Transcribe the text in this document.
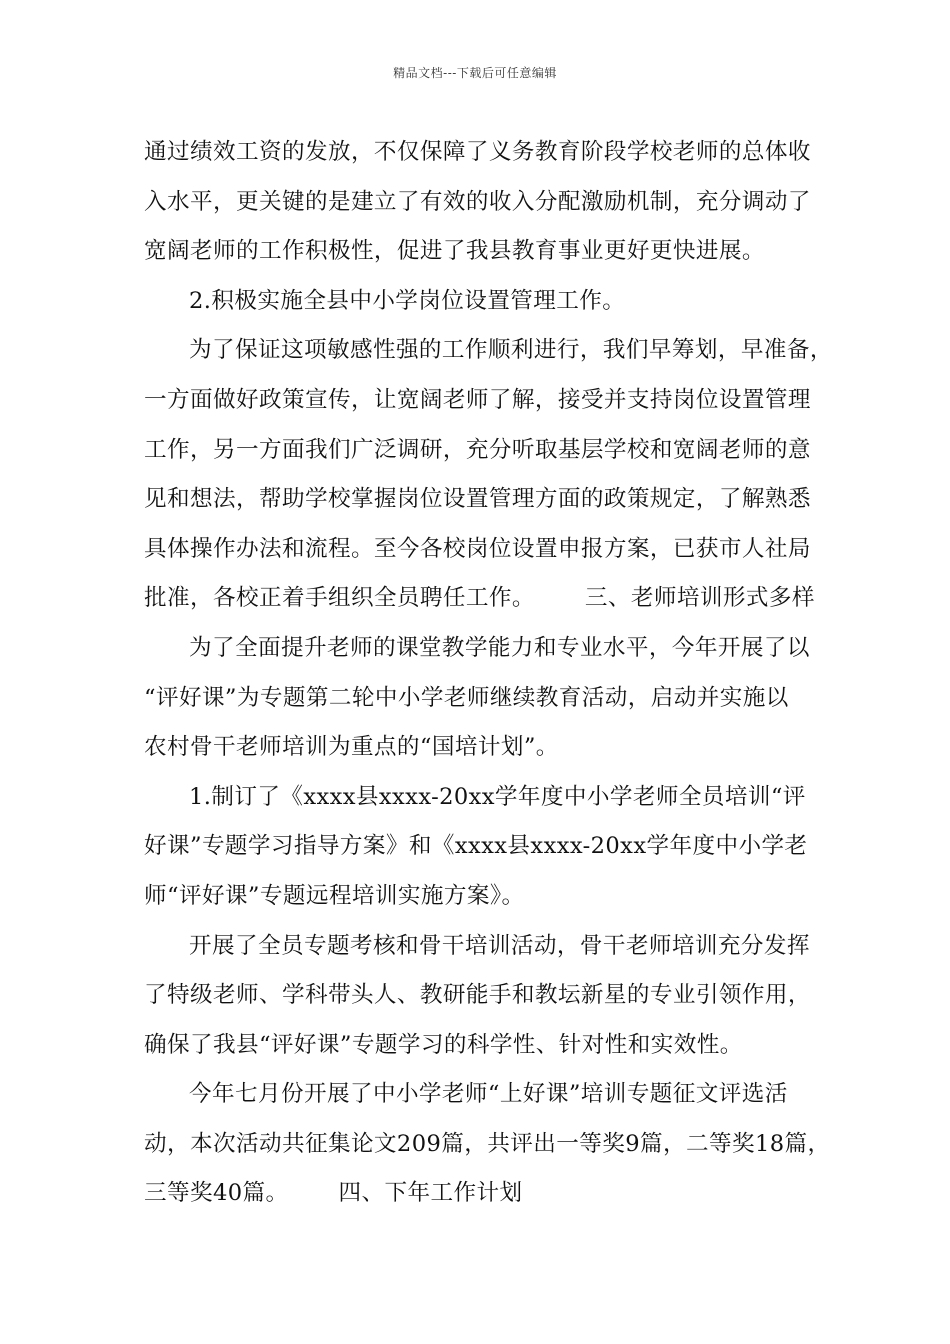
精品文档---下载后可任意编辑
通过绩效工资的发放，不仅保障了义务教育阶段学校老师的总体收
入水平，更关键的是建立了有效的收入分配激励机制，充分调动了
宽阔老师的工作积极性，促进了我县教育事业更好更快进展。
2.积极实施全县中小学岗位设置管理工作。
为了保证这项敏感性强的工作顺利进行，我们早筹划，早准备，
一方面做好政策宣传，让宽阔老师了解，接受并支持岗位设置管理
工作，另一方面我们广泛调研，充分听取基层学校和宽阔老师的意
见和想法，帮助学校掌握岗位设置管理方面的政策规定，了解熟悉
具体操作办法和流程。至今各校岗位设置申报方案，已获市人社局
批准，各校正着手组织全员聘任工作。 三、老师培训形式多样
为了全面提升老师的课堂教学能力和专业水平，今年开展了以
“评好课”为专题第二轮中小学老师继续教育活动，启动并实施以
农村骨干老师培训为重点的“国培计划”。
1.制订了《xxxx县xxxx-20xx学年度中小学老师全员培训“评
好课”专题学习指导方案》和《xxxx县xxxx-20xx学年度中小学老
师“评好课”专题远程培训实施方案》。
开展了全员专题考核和骨干培训活动，骨干老师培训充分发挥
了特级老师、学科带头人、教研能手和教坛新星的专业引领作用，
确保了我县“评好课”专题学习的科学性、针对性和实效性。
今年七月份开展了中小学老师“上好课”培训专题征文评选活
动，本次活动共征集论文209篇，共评出一等奖9篇，二等奖18篇，
三等奖40篇。 四、下年工作计划
